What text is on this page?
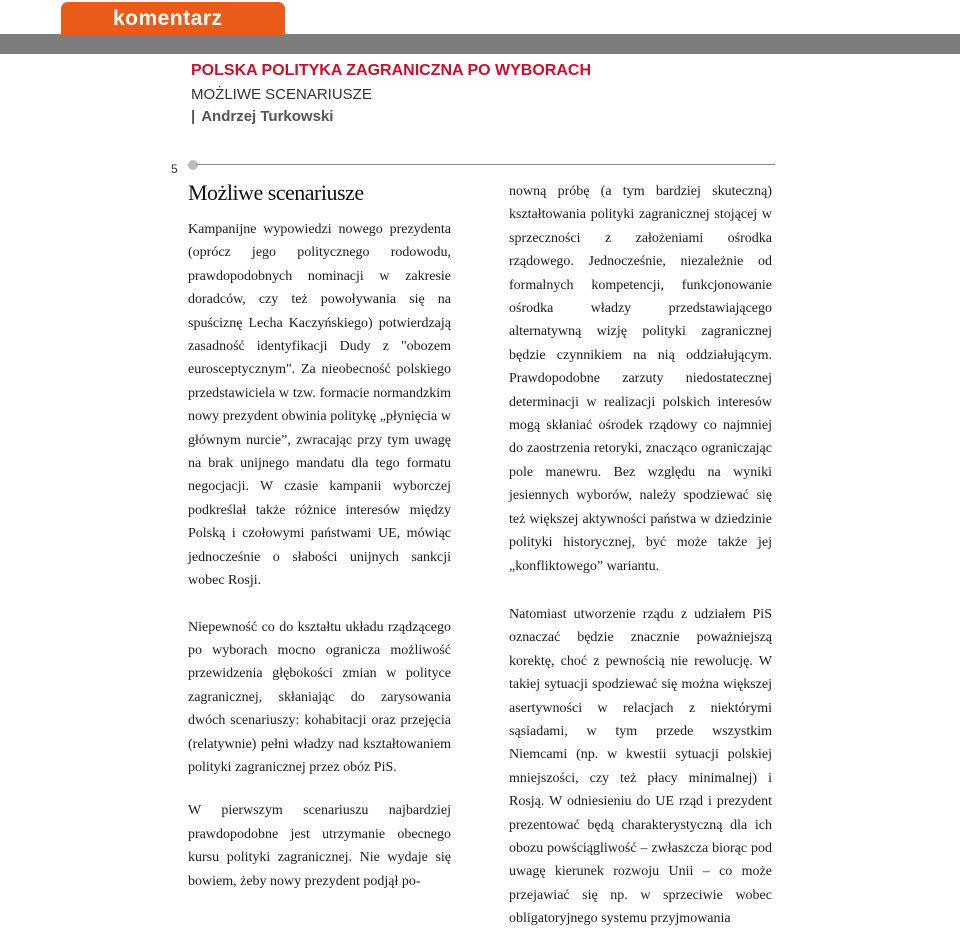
komentarz
POLSKA POLITYKA ZAGRANICZNA PO WYBORACH
MOŻLIWE SCENARIUSZE
| Andrzej Turkowski
5
Możliwe scenariusze

Kampanijne wypowiedzi nowego prezydenta (oprócz jego politycznego rodowodu, prawdopodobnych nominacji w zakresie doradców, czy też powoływania się na spuściznę Lecha Kaczyńskiego) potwierdzają zasadność identyfikacji Dudy z "obozem eurosceptycznym". Za nieobecność polskiego przedstawiciela w tzw. formacie normandzkim nowy prezydent obwinia politykę „płynięcia w głównym nurcie”, zwracając przy tym uwagę na brak unijnego mandatu dla tego formatu negocjacji. W czasie kampanii wyborczej podkreślał także różnice interesów między Polską i czołowymi państwami UE, mówiąc jednocześnie o słabości unijnych sankcji wobec Rosji.

Niepewność co do kształtu układu rządzącego po wyborach mocno ogranicza możliwość przewidzenia głębokości zmian w polityce zagranicznej, skłaniając do zarysowania dwóch scenariuszy: kohabitacji oraz przejęcia (relatywnie) pełni władzy nad kształtowaniem polityki zagranicznej przez obóz PiS.

W pierwszym scenariuszu najbardziej prawdopodobne jest utrzymanie obecnego kursu polityki zagranicznej. Nie wydaje się bowiem, żeby nowy prezydent podjął po-

nowną próbę (a tym bardziej skuteczną) kształtowania polityki zagranicznej stojącej w sprzeczności z założeniami ośrodka rządowego. Jednocześnie, niezależnie od formalnych kompetencji, funkcjonowanie ośrodka władzy przedstawiającego alternatywną wizję polityki zagranicznej będzie czynnikiem na nią oddziałującym. Prawdopodobne zarzuty niedostatecznej determinacji w realizacji polskich interesów mogą skłaniać ośrodek rządowy co najmniej do zaostrzenia retoryki, znacząco ograniczając pole manewru. Bez względu na wyniki jesiennych wyborów, należy spodziewać się też większej aktywności państwa w dziedzinie polityki historycznej, być może także jej „konfliktowego” wariantu.

Natomiast utworzenie rządu z udziałem PiS oznaczać będzie znacznie poważniejszą korektę, choć z pewnością nie rewolucję. W takiej sytuacji spodziewać się można większej asertywności w relacjach z niektórymi sąsiadami, w tym przede wszystkim Niemcami (np. w kwestii sytuacji polskiej mniejszości, czy też płacy minimalnej) i Rosją. W odniesieniu do UE rząd i prezydent prezentować będą charakterystyczną dla ich obozu powściągliwość – zwłaszcza biorąc pod uwagę kierunek rozwoju Unii – co może przejawiać się np. w sprzeciwie wobec obligatoryjnego systemu przyjmowania
